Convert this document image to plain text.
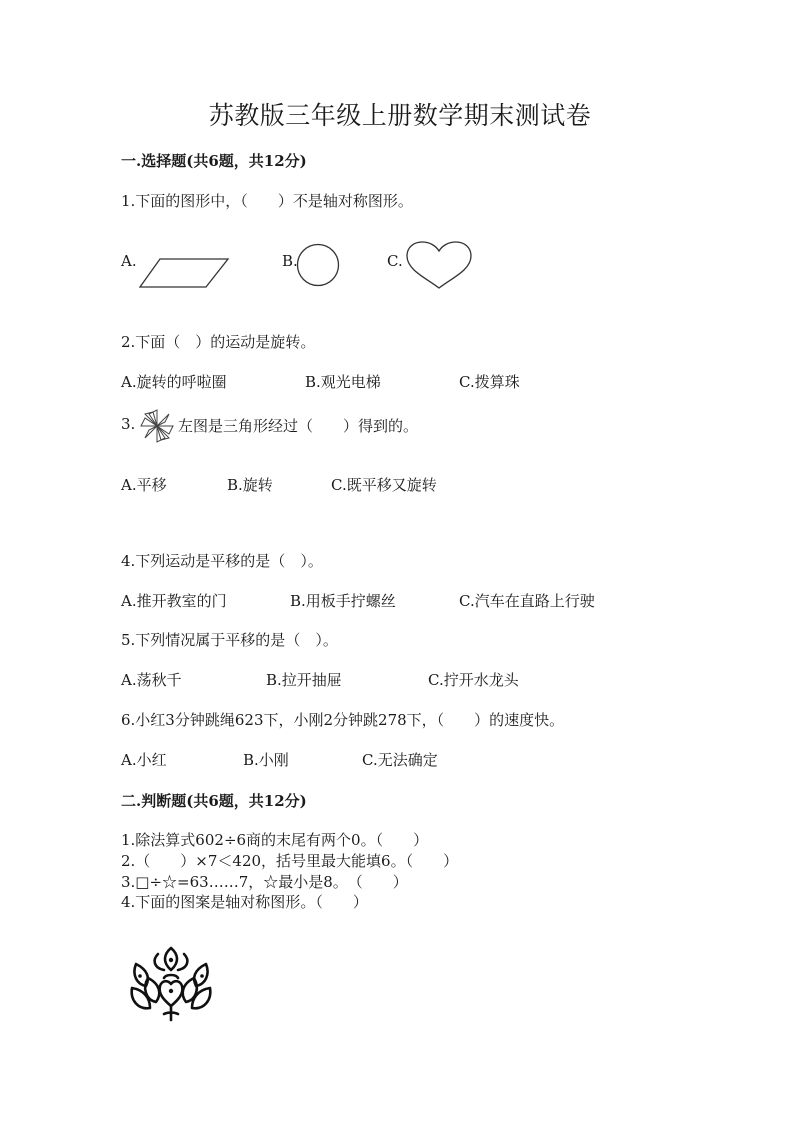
苏教版三年级上册数学期末测试卷
一.选择题(共6题，共12分)
1.下面的图形中，（　　）不是轴对称图形。
A.	B.	C.
2.下面（　）的运动是旋转。
A.旋转的呼啦圈	B.观光电梯	C.拨算珠
3.	左图是三角形经过（　　）得到的。
A.平移	B.旋转	C.既平移又旋转
4.下列运动是平移的是（　）。
A.推开教室的门	B.用板手拧螺丝	C.汽车在直路上行驶
5.下列情况属于平移的是（　）。
A.荡秋千	B.拉开抽屉	C.拧开水龙头
6.小红3分钟跳绳623下，小刚2分钟跳278下，（　　）的速度快。
A.小红	B.小刚	C.无法确定
二.判断题(共6题，共12分)
1.除法算式602÷6商的末尾有两个0。（　　）
2.（　　）×7＜420，括号里最大能填6。（　　）
3.□÷☆=63……7，☆最小是8。　（　　）
4.下面的图案是轴对称图形。（　　）
